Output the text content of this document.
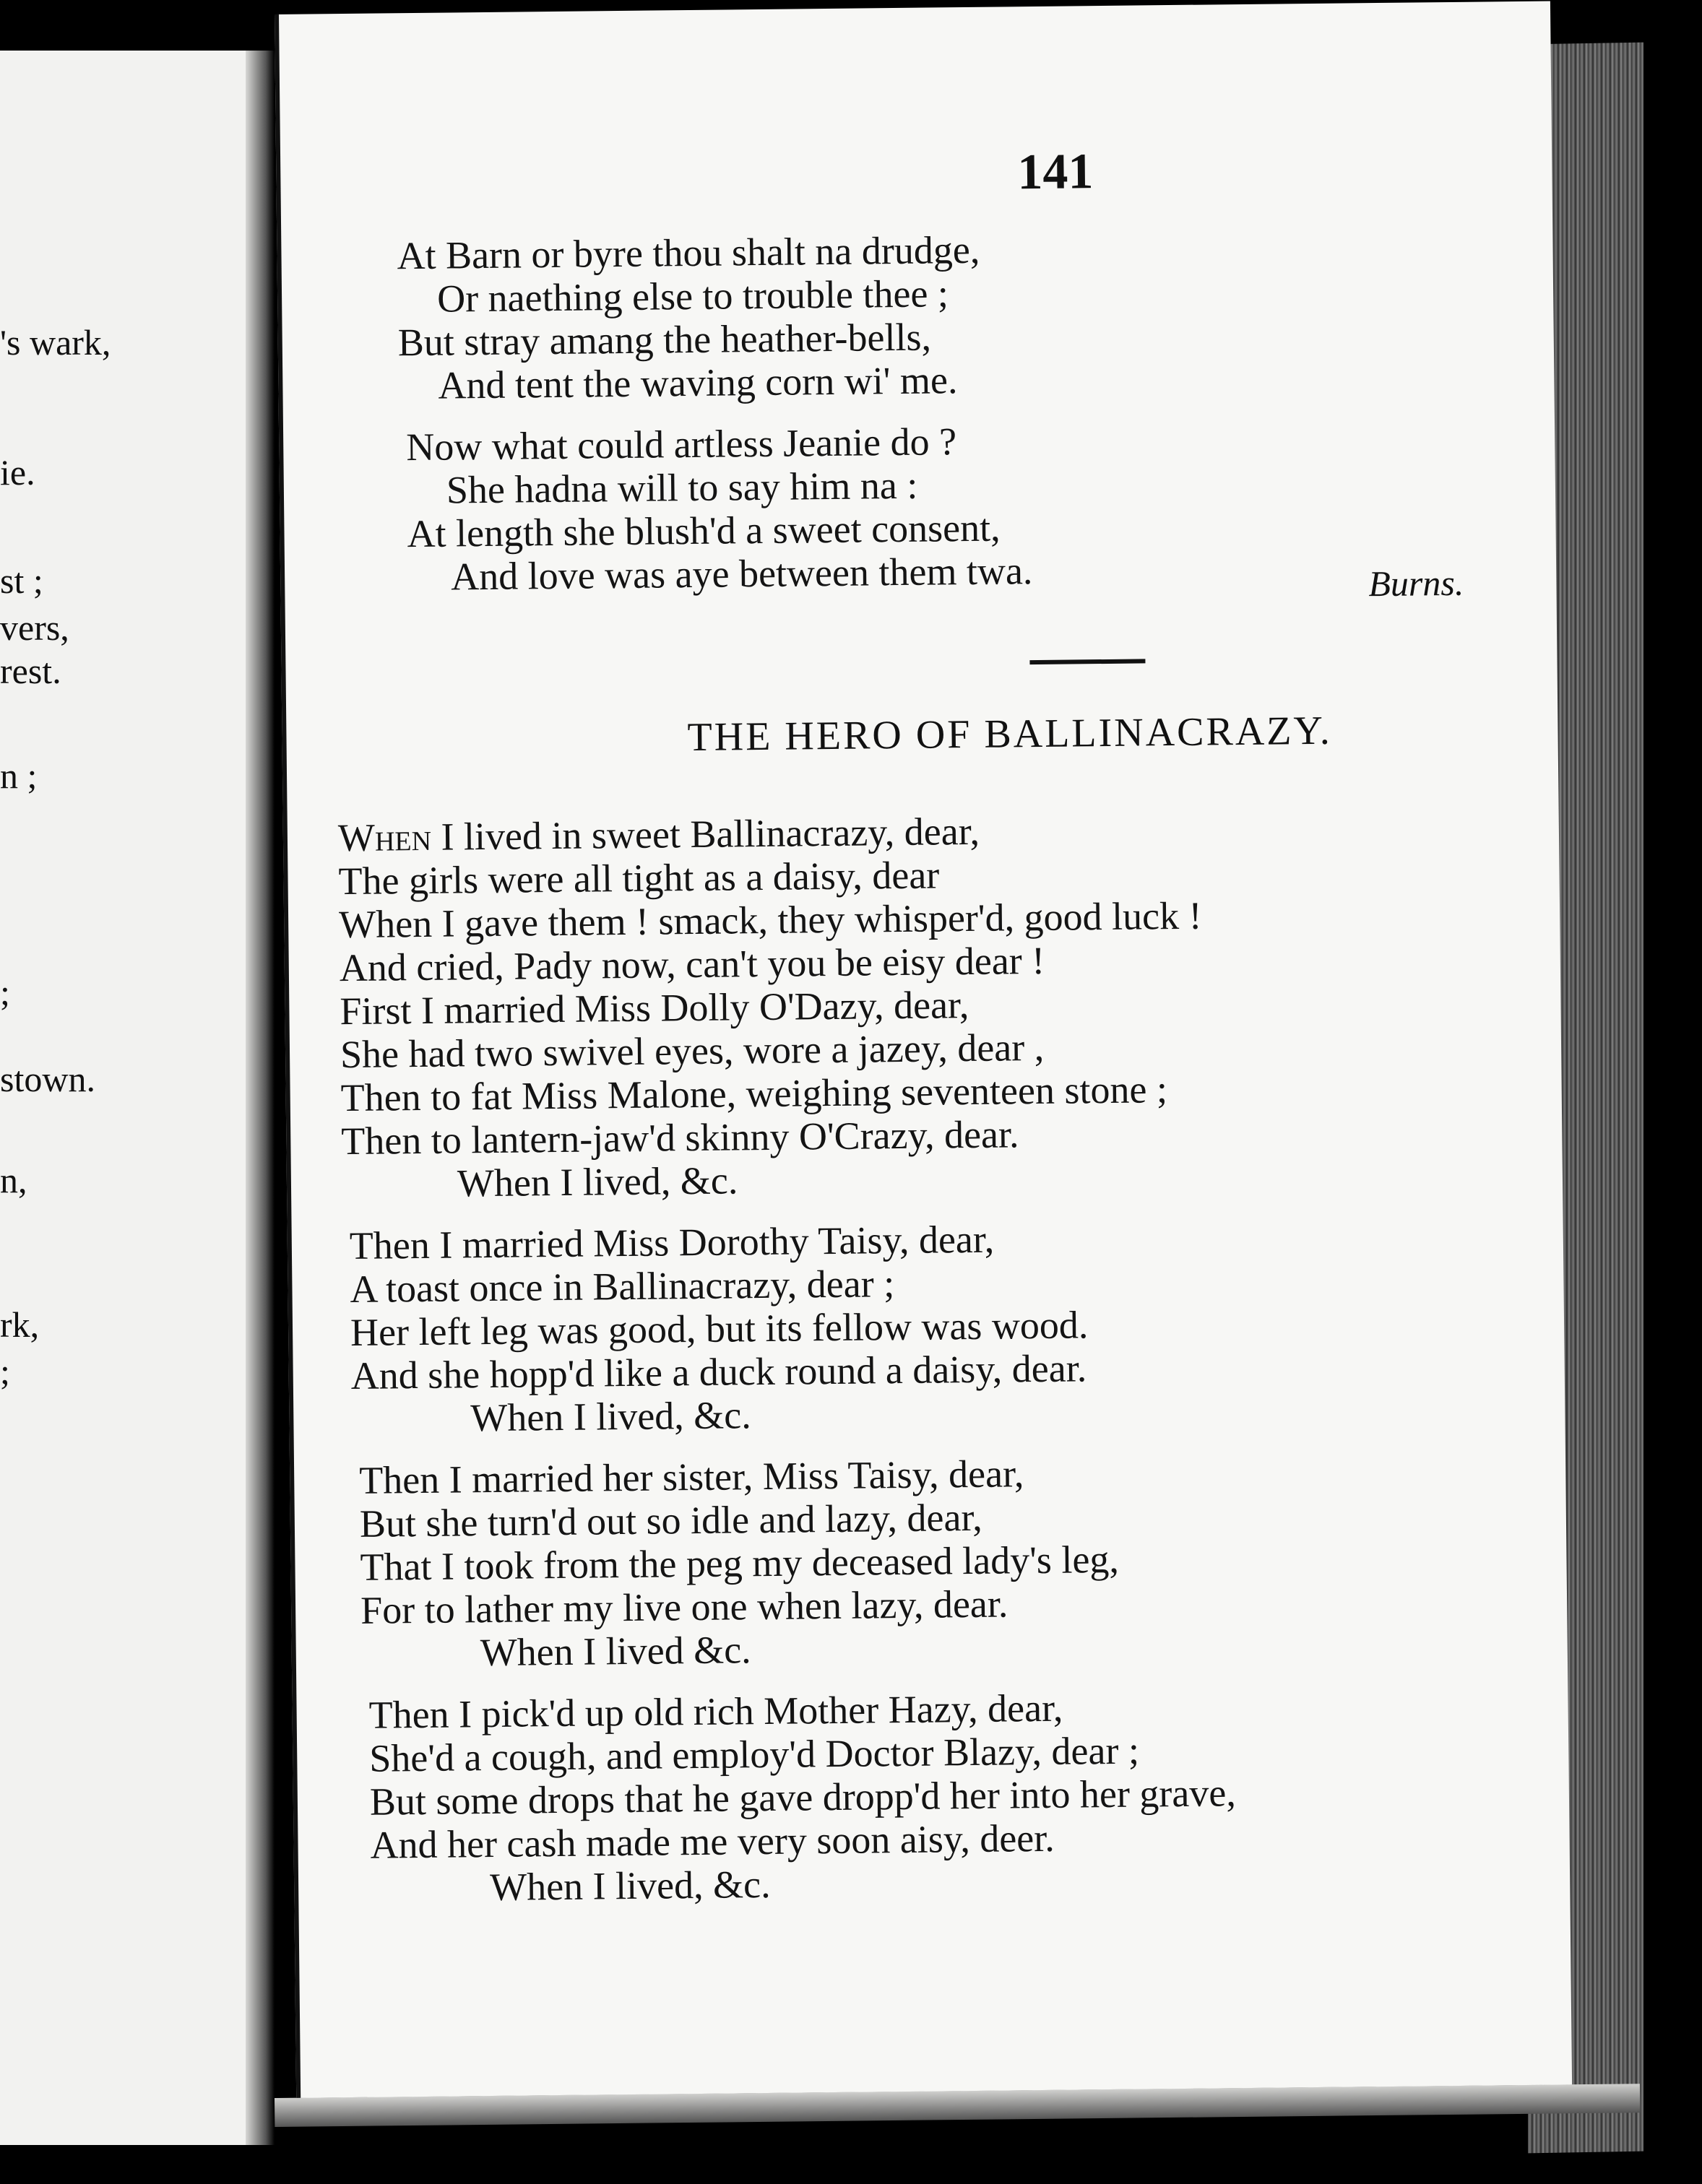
's wark,
ie.
st ;
vers,
rest.
n ;
;
stown.
n,
rk,
;
141
At Barn or byre thou shalt na drudge,
Or naething else to trouble thee ;
But stray amang the heather-bells,
And tent the waving corn wi' me.
Now what could artless Jeanie do ?
She hadna will to say him na :
At length she blush'd a sweet consent,
And love was aye between them twa.	Burns.
THE HERO OF BALLINACRAZY.
When I lived in sweet Ballinacrazy, dear,
The girls were all tight as a daisy, dear
When I gave them ! smack, they whisper'd, good luck !
And cried, Pady now, can't you be eisy dear !
First I married Miss Dolly O'Dazy, dear,
She had two swivel eyes, wore a jazey, dear ,
Then to fat Miss Malone, weighing seventeen stone ;
Then to lantern-jaw'd skinny O'Crazy, dear.
When I lived, &c.
Then I married Miss Dorothy Taisy, dear,
A toast once in Ballinacrazy, dear ;
Her left leg was good, but its fellow was wood.
And she hopp'd like a duck round a daisy, dear.
When I lived, &c.
Then I married her sister, Miss Taisy, dear,
But she turn'd out so idle and lazy, dear,
That I took from the peg my deceased lady's leg,
For to lather my live one when lazy, dear.
When I lived &c.
Then I pick'd up old rich Mother Hazy, dear,
She'd a cough, and employ'd Doctor Blazy, dear ;
But some drops that he gave dropp'd her into her grave,
And her cash made me very soon aisy, deer.
When I lived, &c.
